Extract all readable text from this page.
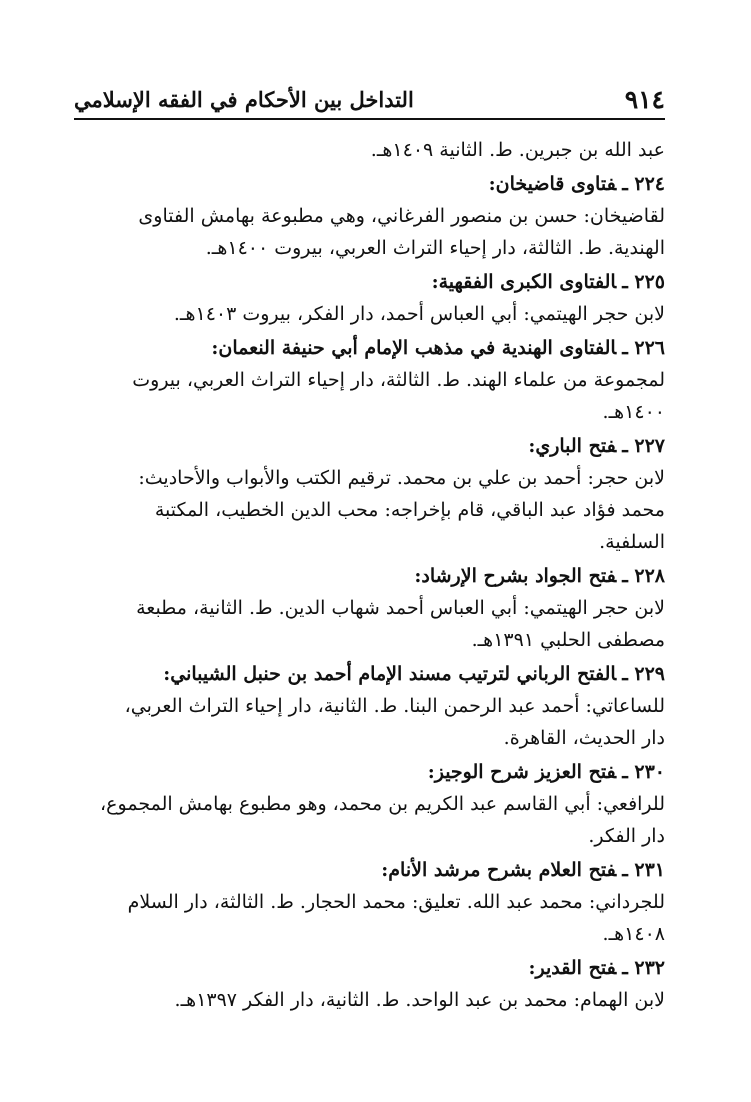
٩١٤
التداخل بين الأحكام في الفقه الإسلامي
عبد الله بن جبرين. ط. الثانية ١٤٠٩هـ.
٢٢٤ ـفتاوى قاضيخان:
لقاضيخان: حسن بن منصور الفرغاني، وهي مطبوعة بهامش الفتاوى
الهندية. ط. الثالثة، دار إحياء التراث العربي، بيروت ١٤٠٠هـ.
٢٢٥ ـالفتاوى الكبرى الفقهية:
لابن حجر الهيتمي: أبي العباس أحمد، دار الفكر، بيروت ١٤٠٣هـ.
٢٢٦ ـالفتاوى الهندية في مذهب الإمام أبي حنيفة النعمان:
لمجموعة من علماء الهند. ط. الثالثة، دار إحياء التراث العربي، بيروت
١٤٠٠هـ.
٢٢٧ ـفتح الباري:
لابن حجر: أحمد بن علي بن محمد. ترقيم الكتب والأبواب والأحاديث:
محمد فؤاد عبد الباقي، قام بإخراجه: محب الدين الخطيب، المكتبة
السلفية.
٢٢٨ ـفتح الجواد بشرح الإرشاد:
لابن حجر الهيتمي: أبي العباس أحمد شهاب الدين. ط. الثانية، مطبعة
مصطفى الحلبي ١٣٩١هـ.
٢٢٩ ـالفتح الرباني لترتيب مسند الإمام أحمد بن حنبل الشيباني:
للساعاتي: أحمد عبد الرحمن البنا. ط. الثانية، دار إحياء التراث العربي،
دار الحديث، القاهرة.
٢٣٠ ـفتح العزيز شرح الوجيز:
للرافعي: أبي القاسم عبد الكريم بن محمد، وهو مطبوع بهامش المجموع،
دار الفكر.
٢٣١ ـفتح العلام بشرح مرشد الأنام:
للجرداني: محمد عبد الله. تعليق: محمد الحجار. ط. الثالثة، دار السلام
١٤٠٨هـ.
٢٣٢ ـفتح القدير:
لابن الهمام: محمد بن عبد الواحد. ط. الثانية، دار الفكر ١٣٩٧هـ.
